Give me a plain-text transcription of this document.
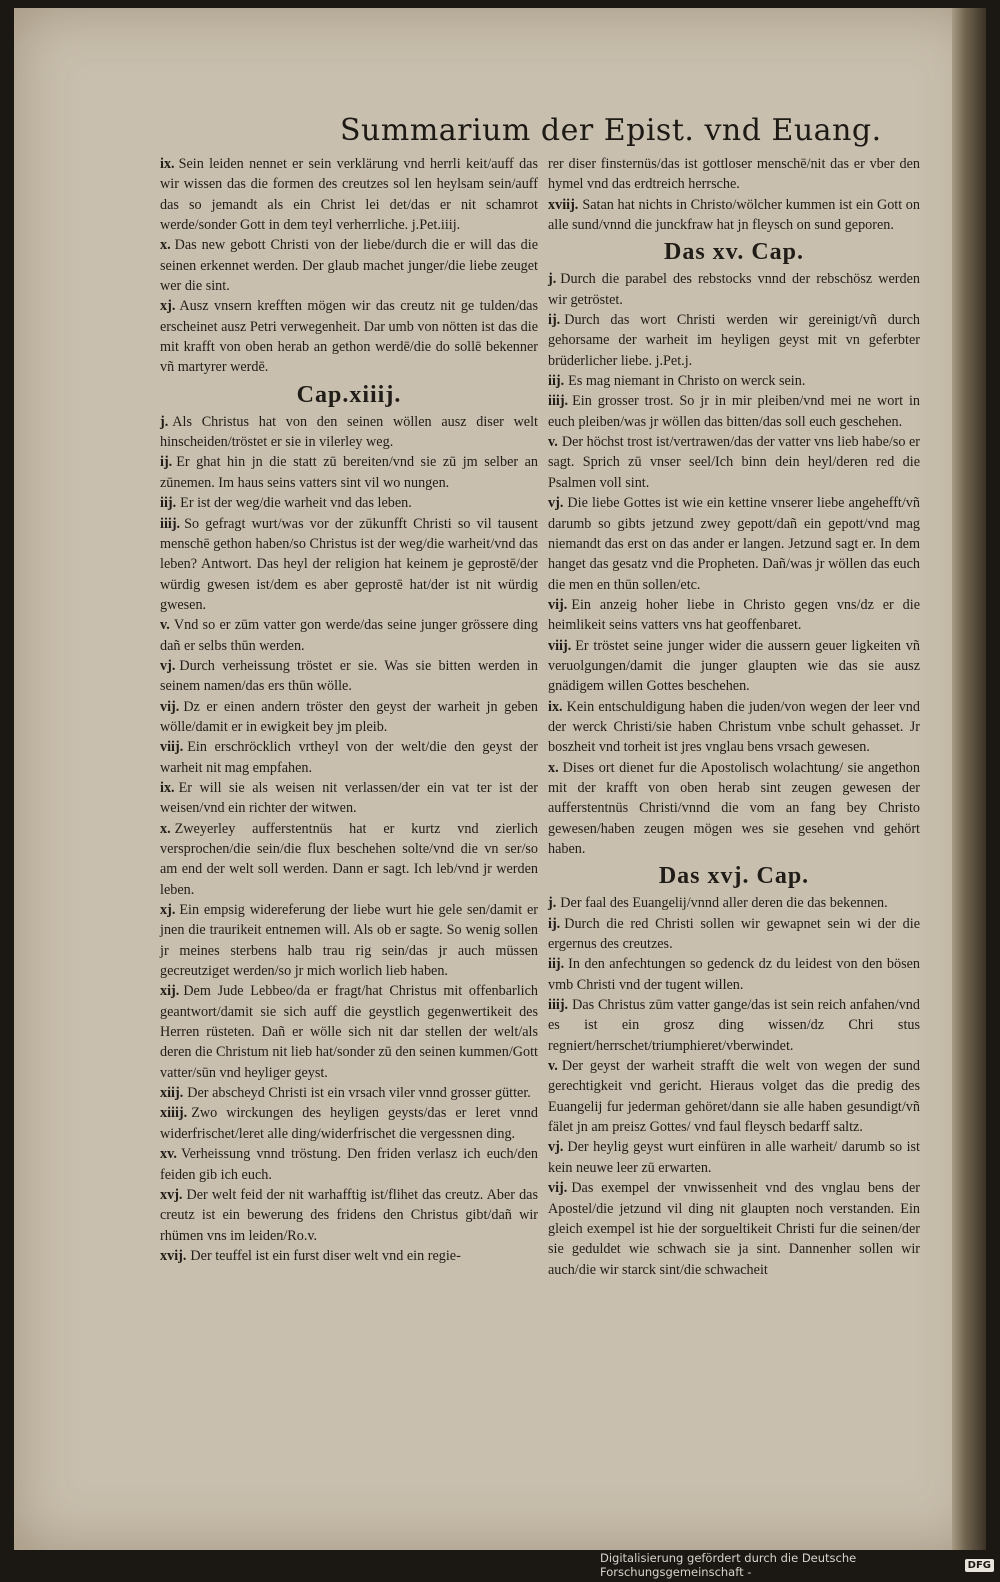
Summarium der Epist. vnd Euang.

ix. Sein leiden nennet er sein verklärung vnd herrli keit/auff das wir wissen das die formen des creutzes sol len heylsam sein/auff das so jemandt als ein Christ lei det/das er nit schamrot werde/sonder Gott in dem teyl verherrliche. j.Pet.iiij.

x. Das new gebott Christi von der liebe/durch die er will das die seinen erkennet werden. Der glaub machet junger/die liebe zeuget wer die sint.

xj. Ausz vnsern krefften mögen wir das creutz nit ge tulden/das erscheinet ausz Petri verwegenheit. Dar umb von nötten ist das die mit krafft von oben herab an gethon werdē/die do sollē bekenner vñ martyrer werdē.

Cap.xiiij.

j. Als Christus hat von den seinen wöllen ausz diser welt hinscheiden/tröstet er sie in vilerley weg.

ij. Er ghat hin jn die statt zū bereiten/vnd sie zū jm selber an zūnemen. Im haus seins vatters sint vil wo nungen.

iij. Er ist der weg/die warheit vnd das leben.

iiij. So gefragt wurt/was vor der zūkunfft Christi so vil tausent menschē gethon haben/so Christus ist der weg/die warheit/vnd das leben? Antwort. Das heyl der religion hat keinem je geprostē/der würdig gwesen ist/dem es aber geprostē hat/der ist nit würdig gwesen.

v. Vnd so er zūm vatter gon werde/das seine junger grössere ding dañ er selbs thūn werden.

vj. Durch verheissung tröstet er sie. Was sie bitten werden in seinem namen/das ers thūn wölle.

vij. Dz er einen andern tröster den geyst der warheit jn geben wölle/damit er in ewigkeit bey jm pleib.

viij. Ein erschröcklich vrtheyl von der welt/die den geyst der warheit nit mag empfahen.

ix. Er will sie als weisen nit verlassen/der ein vat ter ist der weisen/vnd ein richter der witwen.

x. Zweyerley aufferstentnüs hat er kurtz vnd zierlich versprochen/die sein/die flux beschehen solte/vnd die vn ser/so am end der welt soll werden. Dann er sagt. Ich leb/vnd jr werden leben.

xj. Ein empsig widereferung der liebe wurt hie gele sen/damit er jnen die traurikeit entnemen will. Als ob er sagte. So wenig sollen jr meines sterbens halb trau rig sein/das jr auch müssen gecreutziget werden/so jr mich worlich lieb haben.

xij. Dem Jude Lebbeo/da er fragt/hat Christus mit offenbarlich geantwort/damit sie sich auff die geystlich gegenwertikeit des Herren rüsteten. Dañ er wölle sich nit dar stellen der welt/als deren die Christum nit lieb hat/sonder zū den seinen kummen/Gott vatter/sūn vnd heyliger geyst.

xiij. Der abscheyd Christi ist ein vrsach viler vnnd grosser gütter.

xiiij. Zwo wirckungen des heyligen geysts/das er leret vnnd widerfrischet/leret alle ding/widerfrischet die vergessnen ding.

xv. Verheissung vnnd tröstung. Den friden verlasz ich euch/den feiden gib ich euch.

xvj. Der welt feid der nit warhafftig ist/flihet das creutz. Aber das creutz ist ein bewerung des fridens den Christus gibt/dañ wir rhümen vns im leiden/Ro.v.

xvij. Der teuffel ist ein furst diser welt vnd ein regie-

rer diser finsternüs/das ist gottloser menschē/nit das er vber den hymel vnd das erdtreich herrsche.

xviij. Satan hat nichts in Christo/wölcher kummen ist ein Gott on alle sund/vnnd die junckfraw hat jn fleysch on sund geporen.

Das xv. Cap.

j. Durch die parabel des rebstocks vnnd der rebschösz werden wir getröstet.

ij. Durch das wort Christi werden wir gereinigt/vñ durch gehorsame der warheit im heyligen geyst mit vn geferbter brüderlicher liebe. j.Pet.j.

iij. Es mag niemant in Christo on werck sein.

iiij. Ein grosser trost. So jr in mir pleiben/vnd mei ne wort in euch pleiben/was jr wöllen das bitten/das soll euch geschehen.

v. Der höchst trost ist/vertrawen/das der vatter vns lieb habe/so er sagt. Sprich zū vnser seel/Ich binn dein heyl/deren red die Psalmen voll sint.

vj. Die liebe Gottes ist wie ein kettine vnserer liebe angehefft/vñ darumb so gibts jetzund zwey gepott/dañ ein gepott/vnd mag niemandt das erst on das ander er langen. Jetzund sagt er. In dem hanget das gesatz vnd die Propheten. Dañ/was jr wöllen das euch die men en thūn sollen/etc.

vij. Ein anzeig hoher liebe in Christo gegen vns/dz er die heimlikeit seins vatters vns hat geoffenbaret.

viij. Er tröstet seine junger wider die aussern geuer ligkeiten vñ veruolgungen/damit die junger glaupten wie das sie ausz gnädigem willen Gottes beschehen.

ix. Kein entschuldigung haben die juden/von wegen der leer vnd der werck Christi/sie haben Christum vnbe schult gehasset. Jr boszheit vnd torheit ist jres vnglau bens vrsach gewesen.

x. Dises ort dienet fur die Apostolisch wolachtung/ sie angethon mit der krafft von oben herab sint zeugen gewesen der aufferstentnüs Christi/vnnd die vom an fang bey Christo gewesen/haben zeugen mögen wes sie gesehen vnd gehört haben.

Das xvj. Cap.

j. Der faal des Euangelij/vnnd aller deren die das bekennen.

ij. Durch die red Christi sollen wir gewapnet sein wi der die ergernus des creutzes.

iij. In den anfechtungen so gedenck dz du leidest von den bösen vmb Christi vnd der tugent willen.

iiij. Das Christus zūm vatter gange/das ist sein reich anfahen/vnd es ist ein grosz ding wissen/dz Chri stus regniert/herrschet/triumphieret/vberwindet.

v. Der geyst der warheit strafft die welt von wegen der sund gerechtigkeit vnd gericht. Hieraus volget das die predig des Euangelij fur jederman gehöret/dann sie alle haben gesundigt/vñ fälet jn am preisz Gottes/ vnd faul fleysch bedarff saltz.

vj. Der heylig geyst wurt einfüren in alle warheit/ darumb so ist kein neuwe leer zū erwarten.

vij. Das exempel der vnwissenheit vnd des vnglau bens der Apostel/die jetzund vil ding nit glaupten noch verstanden. Ein gleich exempel ist hie der sorgueltikeit Christi fur die seinen/der sie geduldet wie schwach sie ja sint. Dannenher sollen wir auch/die wir starck sint/die schwacheit

Digitalisierung gefördert durch die Deutsche Forschungsgemeinschaft -	DFG
